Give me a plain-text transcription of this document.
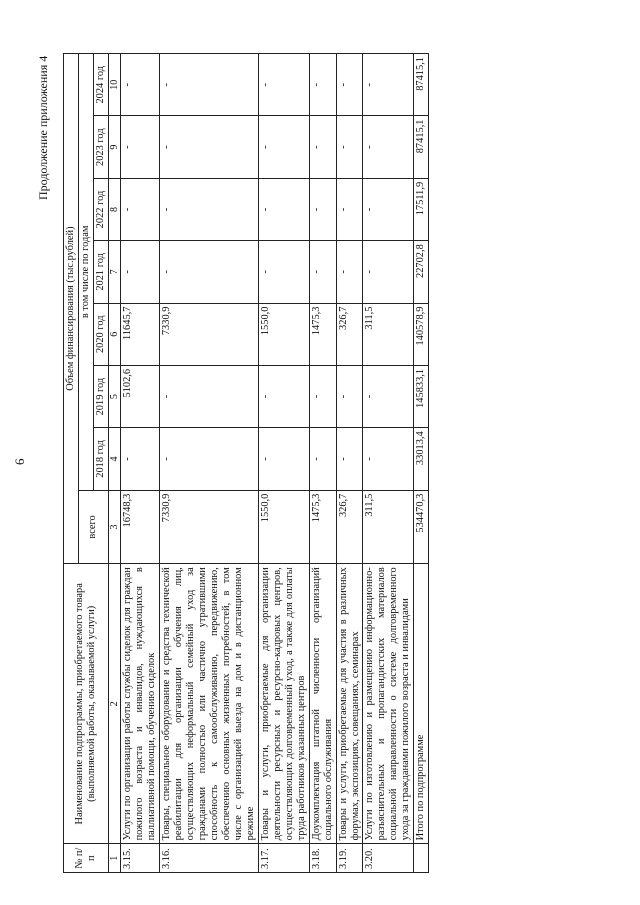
6
Продолжение приложения 4
№ п/п	Наименование подпрограммы, приобретаемого товара (выполняемой работы, оказываемой услуги)	Объем финансирования (тыс.рублей)							
		всего	в том числе по годам						
			2018 год	2019 год	2020 год	2021 год	2022 год	2023 год	2024 год
1	2	3	4	5	6	7	8	9	10
3.15.	Услуги по организации работы службы сиделок для граждан пожилого возраста и инвалидов, нуждающихся в паллиативной помощи, обучению сиделок	16748,3	-	5102,6	11645,7	-	-	-	-
3.16.	Товары, специальное оборудование и средства технической реабилитации для организации обучения лиц, осуществляющих неформальный семейный уход за гражданами полностью или частично утратившими способность к самообслуживанию, передвижению, обеспечению основных жизненных потребностей, в том числе с организацией выезда на дом и в дистанционном режиме	7330,9	-	-	7330,9	-	-	-	-
3.17.	Товары и услуги, приобретаемые для организации деятельности ресурсных и ресурсно-кадровых центров, осуществляющих долговременный уход, а также для оплаты труда работников указанных центров	1550,0	-	-	1550,0	-	-	-	-
3.18.	Доукомплектация штатной численности организаций социального обслуживания	1475,3	-	-	1475,3	-	-	-	-
3.19.	Товары и услуги, приобретаемые для участия в различных форумах, экспозициях, совещаниях, семинарах	326,7	-	-	326,7	-	-	-	-
3.20.	Услуги по изготовлению и размещению информационно-разъяснительных и пропагандистских материалов социальной направленности о системе долговременного ухода за гражданами пожилого возраста и инвалидами	311,5	-	-	311,5	-	-	-	-
	Итого по подпрограмме	534470,3	33013,4	145833,1	140578,9	22702,8	17511,9	87415,1	87415,1
